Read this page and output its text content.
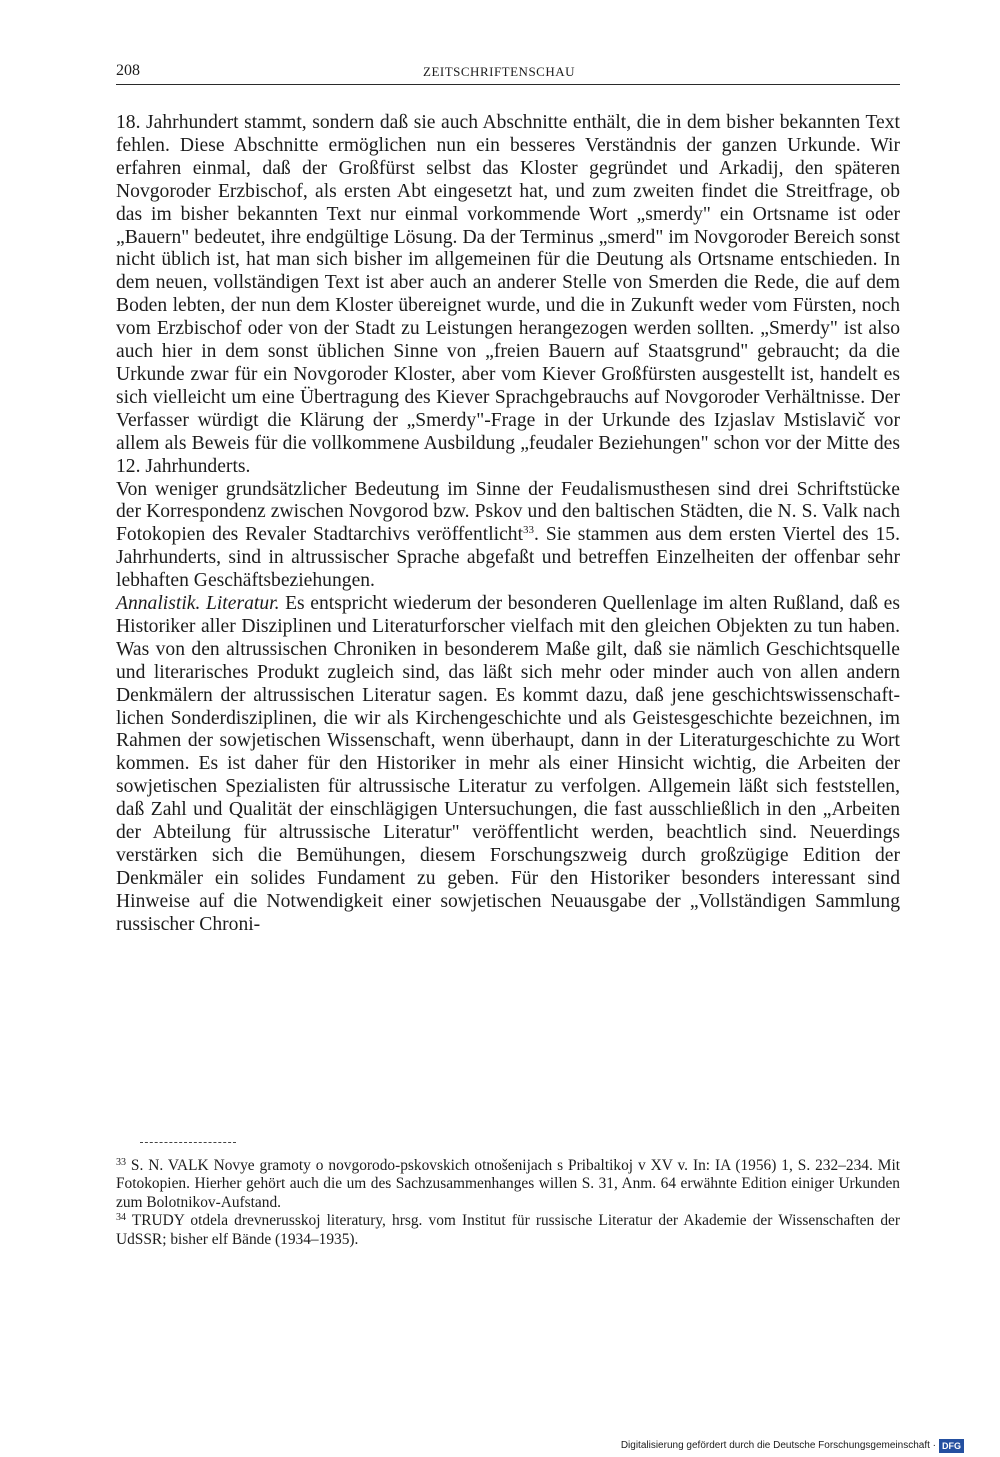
208	ZEITSCHRIFTENSCHAU

18. Jahrhundert stammt, sondern daß sie auch Abschnitte enthält, die in dem bisher bekannten Text fehlen. Diese Abschnitte ermöglichen nun ein besseres Verständnis der ganzen Urkunde. Wir erfahren einmal, daß der Großfürst selbst das Kloster gegründet und Arkadij, den späteren Novgoroder Erzbischof, als ersten Abt eingesetzt hat, und zum zweiten findet die Streitfrage, ob das im bisher bekannten Text nur einmal vorkommende Wort „smerdy" ein Ortsname ist oder „Bauern" bedeutet, ihre endgültige Lösung. Da der Terminus „smerd" im Novgoroder Bereich sonst nicht üblich ist, hat man sich bisher im allgemeinen für die Deutung als Ortsname entschieden. In dem neuen, vollständigen Text ist aber auch an anderer Stelle von Smerden die Rede, die auf dem Boden lebten, der nun dem Kloster übereignet wurde, und die in Zukunft weder vom Fürsten, noch vom Erzbischof oder von der Stadt zu Leistungen herangezogen werden sollten. „Smerdy" ist also auch hier in dem sonst üblichen Sinne von „freien Bauern auf Staatsgrund" gebraucht; da die Urkunde zwar für ein Novgoroder Kloster, aber vom Kiever Großfürsten ausgestellt ist, handelt es sich vielleicht um eine Übertragung des Kiever Sprachgebrauchs auf Novgoroder Verhältnisse. Der Verfasser würdigt die Klärung der „Smerdy"-Frage in der Urkunde des Izjaslav Mstislavič vor allem als Beweis für die vollkommene Ausbildung „feudaler Beziehungen" schon vor der Mitte des 12. Jahrhunderts.

Von weniger grundsätzlicher Bedeutung im Sinne der Feudalismusthesen sind drei Schriftstücke der Korrespondenz zwischen Novgorod bzw. Pskov und den baltischen Städten, die N. S. Valk nach Fotokopien des Revaler Stadtarchivs veröffentlicht$^{33}$. Sie stammen aus dem ersten Viertel des 15. Jahrhunderts, sind in altrussischer Sprache abgefaßt und betreffen Einzelheiten der offenbar sehr lebhaften Geschäftsbeziehungen.

Annalistik. Literatur. Es entspricht wiederum der besonderen Quellenlage im alten Rußland, daß es Historiker aller Disziplinen und Literaturforscher vielfach mit den gleichen Objekten zu tun haben. Was von den altrussischen Chroniken in besonderem Maße gilt, daß sie nämlich Geschichtsquelle und literarisches Produkt zugleich sind, das läßt sich mehr oder minder auch von allen andern Denkmälern der altrussischen Literatur sagen. Es kommt dazu, daß jene geschichtswissenschaftlichen Sonderdisziplinen, die wir als Kirchengeschichte und als Geistesgeschichte bezeichnen, im Rahmen der sowjetischen Wissenschaft, wenn überhaupt, dann in der Literaturgeschichte zu Wort kommen. Es ist daher für den Historiker in mehr als einer Hinsicht wichtig, die Arbeiten der sowjetischen Spezialisten für altrussische Literatur zu verfolgen. Allgemein läßt sich feststellen, daß Zahl und Qualität der einschlägigen Untersuchungen, die fast ausschließlich in den „Arbeiten der Abteilung für altrussische Literatur" veröffentlicht werden, beachtlich sind. Neuerdings verstärken sich die Bemühungen, diesem Forschungszweig durch großzügige Edition der Denkmäler ein solides Fundament zu geben. Für den Historiker besonders interessant sind Hinweise auf die Notwendigkeit einer sowjetischen Neuausgabe der „Vollständigen Sammlung russischer Chroni-

$^{33}$ S. N. VALK Novye gramoty o novgorodo-pskovskich otnošenijach s Pribaltikoj v XV v. In: IA (1956) 1, S. 232–234. Mit Fotokopien. Hierher gehört auch die um des Sachzusammenhanges willen S. 31, Anm. 64 erwähnte Edition einiger Urkunden zum Bolotnikov-Aufstand.

$^{34}$ TRUDY otdela drevnerusskoj literatury, hrsg. vom Institut für russische Literatur der Akademie der Wissenschaften der UdSSR; bisher elf Bände (1934–1935).

Digitalisierung gefördert durch die Deutsche Forschungsgemeinschaft · DFG
